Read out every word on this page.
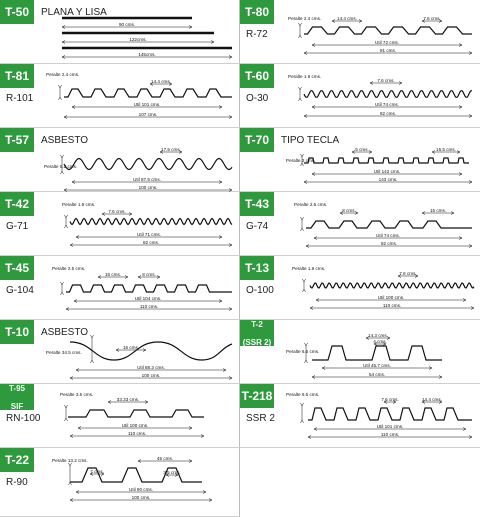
T-50 PLANA Y LISA
90 cms.
122cms.
145cms.
T-80
R-72
Peralte 2.4 cms.	14.4 cms.	7.6 cms.
Util 72 cms.
81 cms.
T-81
R-101
Peralte 2.4 cms.
14.4 cms.
Util 101 cms.
107 cms.
T-60
O-30
Peralte 1.9 cms.
7.6 cms.
Util 74 cms.
82 cms.
T-57 ASBESTO
Peralte 5.2 cms.
17.5 cms.
Util 87.5 cms.
100 cms.
T-70 TIPO TECLA
Peralte 2 cms.
5 cms.	15.5 cms.
Util 142 cms.
143 cms.
T-42
G-71
Peralte 1.9 cms.
7.6 cms.
Util 71 cms.
82 cms.
T-43
G-74
Peralte 2.5 cms.
8 cms.	15 cms.
Util 74 cms.
82 cms.
T-45
G-104
Peralte 2.5 cms.
15 cms.	8 cms.
Util 104 cms.
110 cms.
T-13
O-100
Peralte 1.9 cms.
7.6 cms.
Util 100 cms.
110 cms.
T-10 ASBESTO
Peralte 34.5 cms.
16 cms.
Util 88.3 cms.
100 cms.
T-2

(SSR 2)
Peralte 6.5 cms.
14.3 cms.
4 cms.
Util 45.7 cms.
54 cms.
T-95

SIF
RN-100
Peralte 3.5 cms.
33.33 cms.
Util 100 cms.
110 cms.
T-218
SSR 2
Peralte 6.5 cms.
7.6 cms.	14.4 cms.
Util 101 cms.
110 cms.
T-22
R-90
Peralte 13.2 cms.	45 cms.
7 cms.	3.5 cms.
Util 90 cms.
100 cms.
